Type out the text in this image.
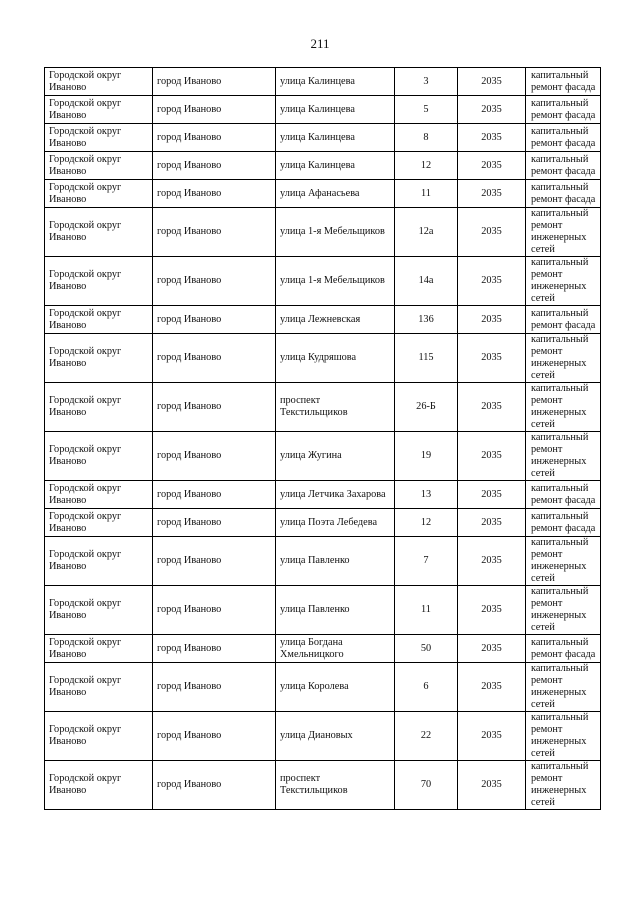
211
Городской округ Иваново	город Иваново	улица Калинцева	3	2035	капитальный ремонт фасада
Городской округ Иваново	город Иваново	улица Калинцева	5	2035	капитальный ремонт фасада
Городской округ Иваново	город Иваново	улица Калинцева	8	2035	капитальный ремонт фасада
Городской округ Иваново	город Иваново	улица Калинцева	12	2035	капитальный ремонт фасада
Городской округ Иваново	город Иваново	улица Афанасьева	11	2035	капитальный ремонт фасада
Городской округ Иваново	город Иваново	улица 1-я Мебельщиков	12а	2035	капитальный ремонт инженерных сетей
Городской округ Иваново	город Иваново	улица 1-я Мебельщиков	14а	2035	капитальный ремонт инженерных сетей
Городской округ Иваново	город Иваново	улица Лежневская	136	2035	капитальный ремонт фасада
Городской округ Иваново	город Иваново	улица Кудряшова	115	2035	капитальный ремонт инженерных сетей
Городской округ Иваново	город Иваново	проспект Текстильщиков	26-Б	2035	капитальный ремонт инженерных сетей
Городской округ Иваново	город Иваново	улица Жугина	19	2035	капитальный ремонт инженерных сетей
Городской округ Иваново	город Иваново	улица Летчика Захарова	13	2035	капитальный ремонт фасада
Городской округ Иваново	город Иваново	улица Поэта Лебедева	12	2035	капитальный ремонт фасада
Городской округ Иваново	город Иваново	улица Павленко	7	2035	капитальный ремонт инженерных сетей
Городской округ Иваново	город Иваново	улица Павленко	11	2035	капитальный ремонт инженерных сетей
Городской округ Иваново	город Иваново	улица Богдана Хмельницкого	50	2035	капитальный ремонт фасада
Городской округ Иваново	город Иваново	улица Королева	6	2035	капитальный ремонт инженерных сетей
Городской округ Иваново	город Иваново	улица Диановых	22	2035	капитальный ремонт инженерных сетей
Городской округ Иваново	город Иваново	проспект Текстильщиков	70	2035	капитальный ремонт инженерных сетей
